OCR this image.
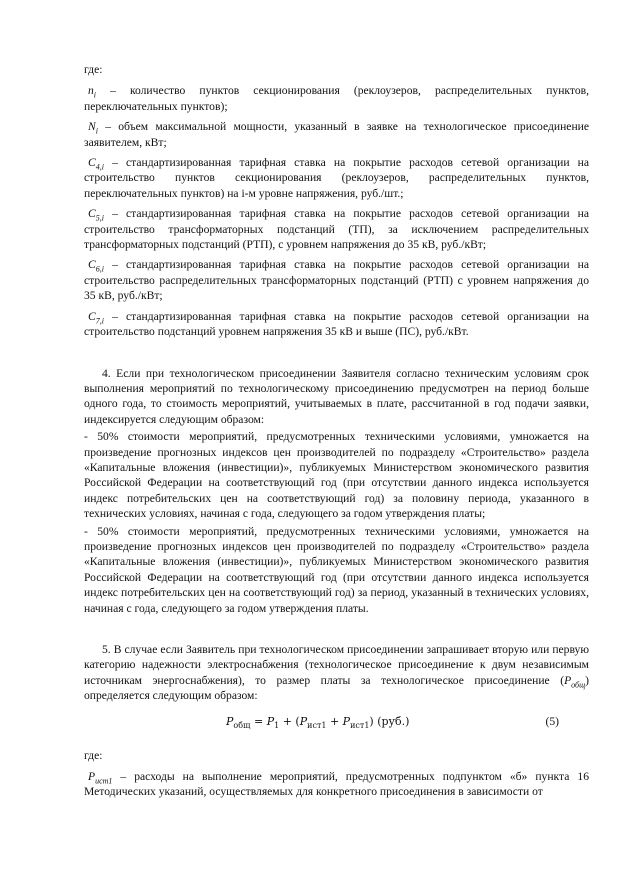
где:

$n_i$ – количество пунктов секционирования (реклоузеров, распределительных пунктов, переключательных пунктов);

$N_i$ – объем максимальной мощности, указанный в заявке на технологическое присоединение заявителем, кВт;

$C_{4,i}$ – стандартизированная тарифная ставка на покрытие расходов сетевой организации на строительство пунктов секционирования (реклоузеров, распределительных пунктов, переключательных пунктов) на i-м уровне напряжения, руб./шт.;

$C_{5,i}$ – стандартизированная тарифная ставка на покрытие расходов сетевой организации на строительство трансформаторных подстанций (ТП), за исключением распределительных трансформаторных подстанций (РТП), с уровнем напряжения до 35 кВ, руб./кВт;

$C_{6,i}$ – стандартизированная тарифная ставка на покрытие расходов сетевой организации на строительство распределительных трансформаторных подстанций (РТП) с уровнем напряжения до 35 кВ, руб./кВт;

$C_{7,i}$ – стандартизированная тарифная ставка на покрытие расходов сетевой организации на строительство подстанций уровнем напряжения 35 кВ и выше (ПС), руб./кВт.

4. Если при технологическом присоединении Заявителя согласно техническим условиям срок выполнения мероприятий по технологическому присоединению предусмотрен на период больше одного года, то стоимость мероприятий, учитываемых в плате, рассчитанной в год подачи заявки, индексируется следующим образом:

- 50% стоимости мероприятий, предусмотренных техническими условиями, умножается на произведение прогнозных индексов цен производителей по подразделу «Строительство» раздела «Капитальные вложения (инвестиции)», публикуемых Министерством экономического развития Российской Федерации на соответствующий год (при отсутствии данного индекса используется индекс потребительских цен на соответствующий год) за половину периода, указанного в технических условиях, начиная с года, следующего за годом утверждения платы;

- 50% стоимости мероприятий, предусмотренных техническими условиями, умножается на произведение прогнозных индексов цен производителей по подразделу «Строительство» раздела «Капитальные вложения (инвестиции)», публикуемых Министерством экономического развития Российской Федерации на соответствующий год (при отсутствии данного индекса используется индекс потребительских цен на соответствующий год) за период, указанный в технических условиях, начиная с года, следующего за годом утверждения платы.

5. В случае если Заявитель при технологическом присоединении запрашивает вторую или первую категорию надежности электроснабжения (технологическое присоединение к двум независимым источникам энергоснабжения), то размер платы за технологическое присоединение $(P_{общ})$ определяется следующим образом:

$P_{общ} = P_1 + (P_{ист1} + P_{ист1})$ (руб.)	(5)

где:

$P_{ист1}$ – расходы на выполнение мероприятий, предусмотренных подпунктом «б» пункта 16 Методических указаний, осуществляемых для конкретного присоединения в зависимости от
